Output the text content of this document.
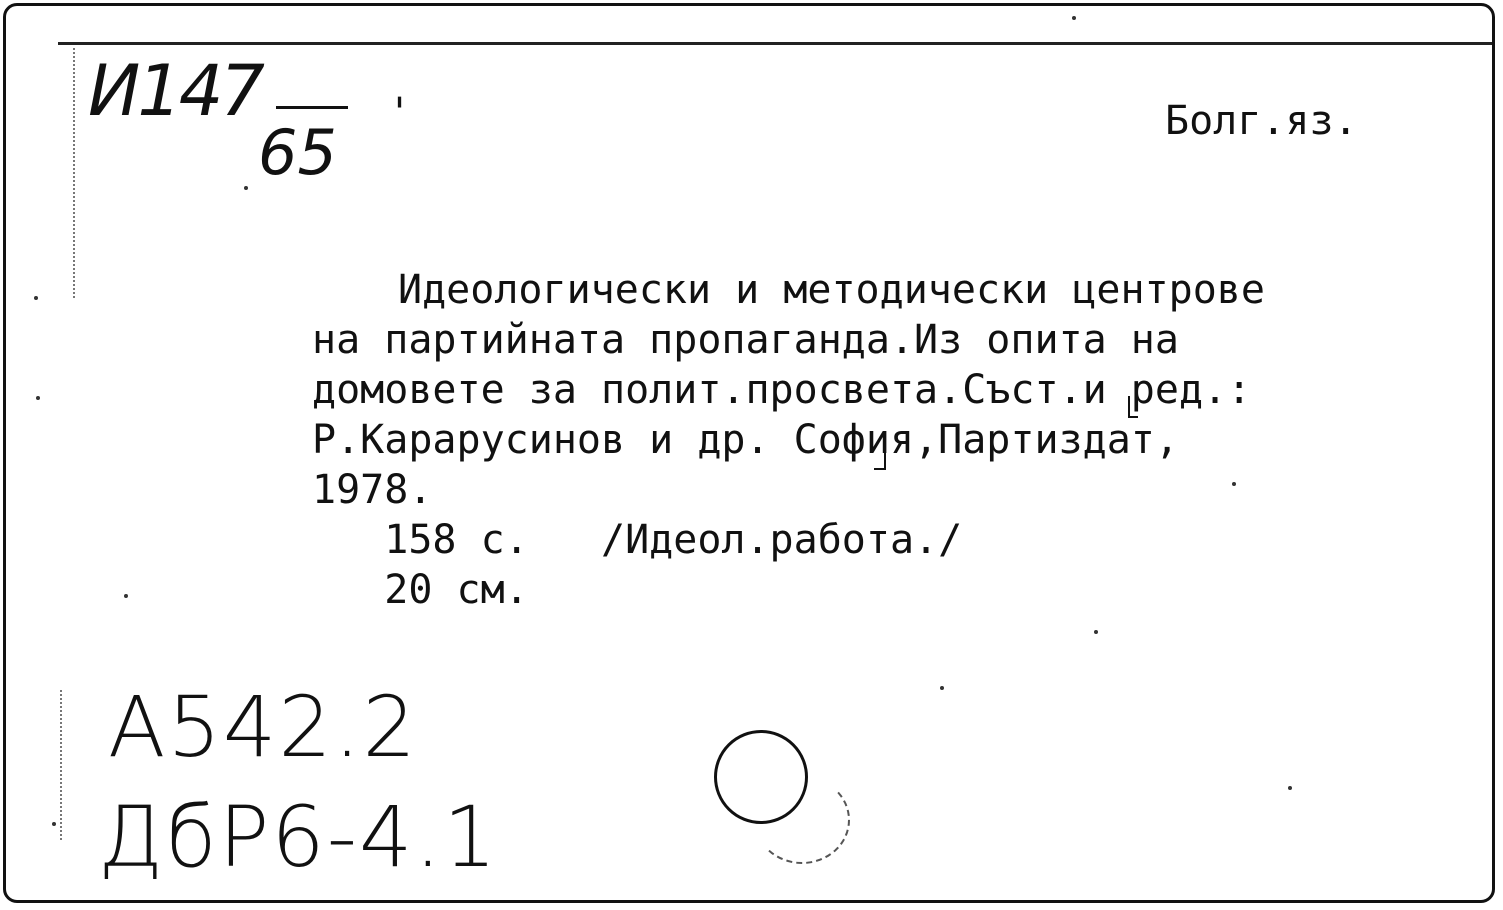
И147
65
'	Болг.яз.
Идеологически и методически центрове
на партийната пропаганда.Из опита на
домовете за полит.просвета.Съст.и ред.:
Р.Карарусинов и др. София,Партиздат,
1978.
158 с.   /Идеол.работа./
20 см.
А542.2
ДбР6-4.1
